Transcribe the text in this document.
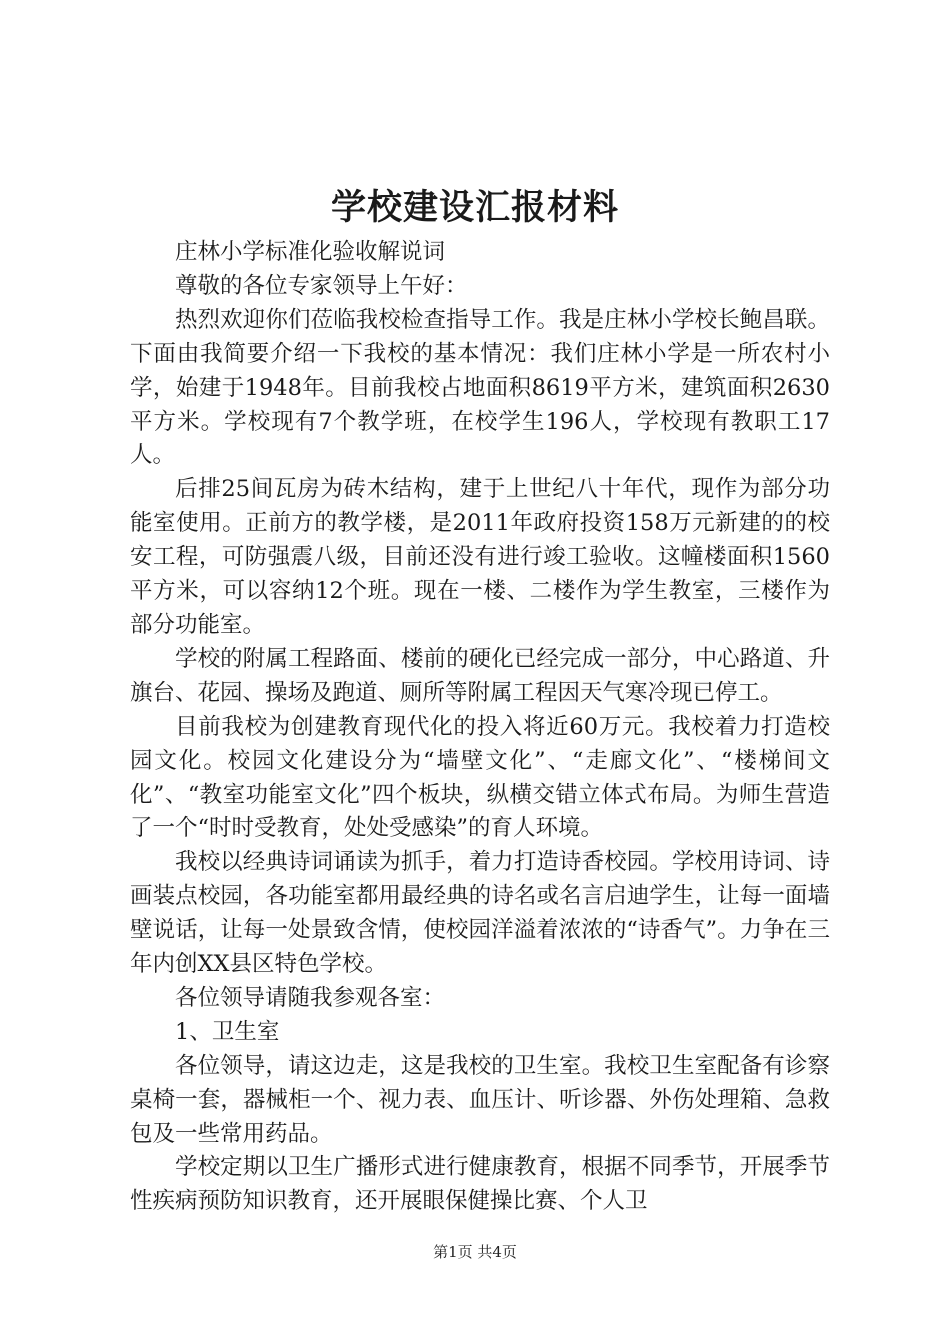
学校建设汇报材料

庄林小学标准化验收解说词

尊敬的各位专家领导上午好：

热烈欢迎你们莅临我校检查指导工作。我是庄林小学校长鲍昌联。下面由我简要介绍一下我校的基本情况：我们庄林小学是一所农村小学，始建于1948年。目前我校占地面积8619平方米，建筑面积2630平方米。学校现有7个教学班，在校学生196人，学校现有教职工17人。

后排25间瓦房为砖木结构，建于上世纪八十年代，现作为部分功能室使用。正前方的教学楼，是2011年政府投资158万元新建的的校安工程，可防强震八级，目前还没有进行竣工验收。这幢楼面积1560平方米，可以容纳12个班。现在一楼、二楼作为学生教室，三楼作为部分功能室。

学校的附属工程路面、楼前的硬化已经完成一部分，中心路道、升旗台、花园、操场及跑道、厕所等附属工程因天气寒冷现已停工。

目前我校为创建教育现代化的投入将近60万元。我校着力打造校园文化。校园文化建设分为“墙壁文化”、“走廊文化”、“楼梯间文化”、“教室功能室文化”四个板块，纵横交错立体式布局。为师生营造了一个“时时受教育，处处受感染”的育人环境。

我校以经典诗词诵读为抓手，着力打造诗香校园。学校用诗词、诗画装点校园，各功能室都用最经典的诗名或名言启迪学生，让每一面墙壁说话，让每一处景致含情，使校园洋溢着浓浓的“诗香气”。力争在三年内创XX县区特色学校。

各位领导请随我参观各室：

1、卫生室

各位领导，请这边走，这是我校的卫生室。我校卫生室配备有诊察桌椅一套，器械柜一个、视力表、血压计、听诊器、外伤处理箱、急救包及一些常用药品。

学校定期以卫生广播形式进行健康教育，根据不同季节，开展季节性疾病预防知识教育，还开展眼保健操比赛、个人卫

第1页 共4页
